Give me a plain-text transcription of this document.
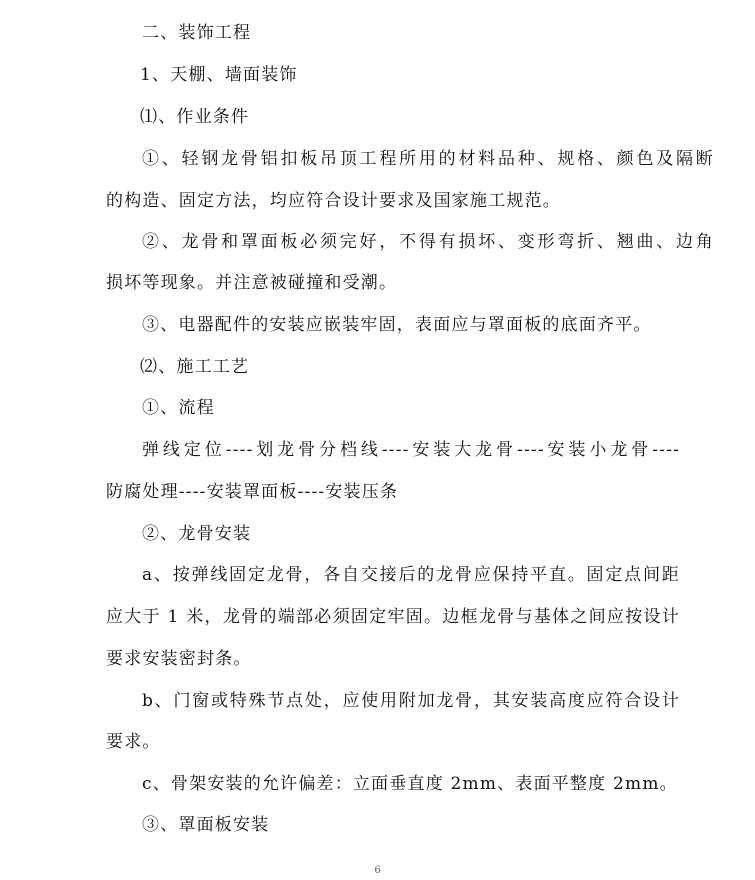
二、装饰工程
1、天棚、墙面装饰
⑴、作业条件
①、轻钢龙骨铝扣板吊顶工程所用的材料品种、规格、颜色及隔断
的构造、固定方法，均应符合设计要求及国家施工规范。
②、龙骨和罩面板必须完好，不得有损坏、变形弯折、翘曲、边角
损坏等现象。并注意被碰撞和受潮。
③、电器配件的安装应嵌装牢固，表面应与罩面板的底面齐平。
⑵、施工工艺
①、流程
弹线定位----划龙骨分档线----安装大龙骨----安装小龙骨----
防腐处理----安装罩面板----安装压条
②、龙骨安装
a、按弹线固定龙骨，各自交接后的龙骨应保持平直。固定点间距
应大于 1 米，龙骨的端部必须固定牢固。边框龙骨与基体之间应按设计
要求安装密封条。
b、门窗或特殊节点处，应使用附加龙骨，其安装高度应符合设计
要求。
c、骨架安装的允许偏差：立面垂直度 2mm、表面平整度 2mm。
③、罩面板安装
6
